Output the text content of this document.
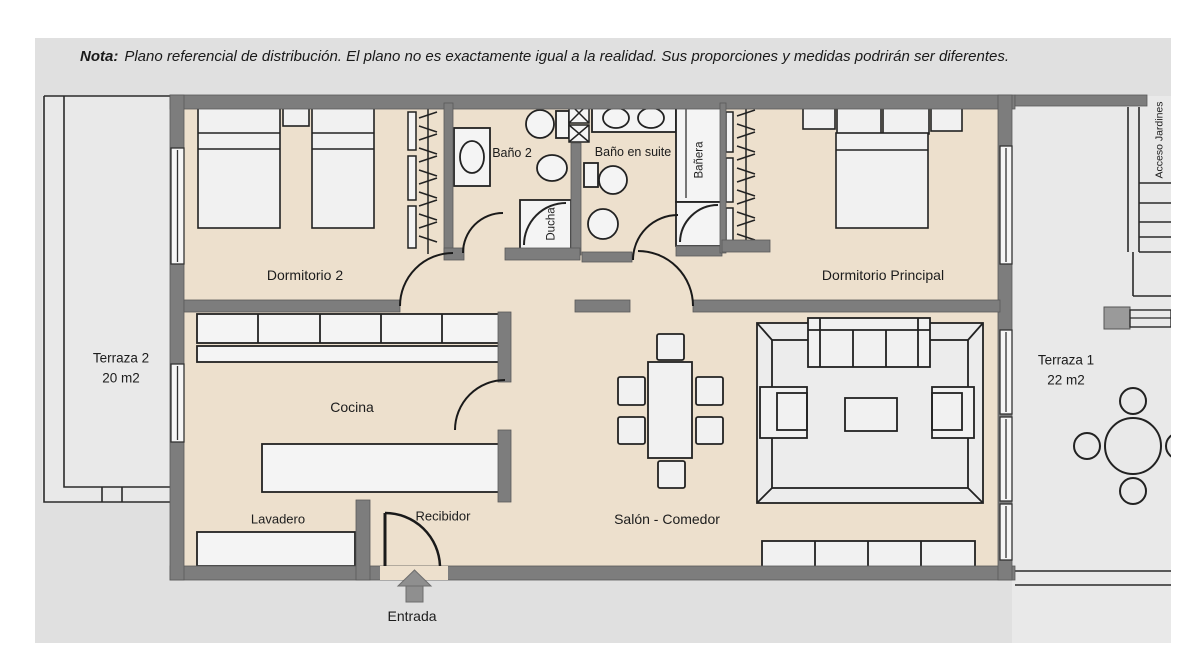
Nota: Plano referencial de distribución. El plano no es exactamente igual a la realidad. Sus proporciones y medidas podrirán ser diferentes.
Dormitorio 2
Baño 2	Baño en suite
Ducha
Bañera
Dormitorio Principal
Cocina
Lavadero	Recibidor	Salón - Comedor
Terraza 2
20 m2
Terraza 1
22 m2
Entrada
Acceso Jardines
